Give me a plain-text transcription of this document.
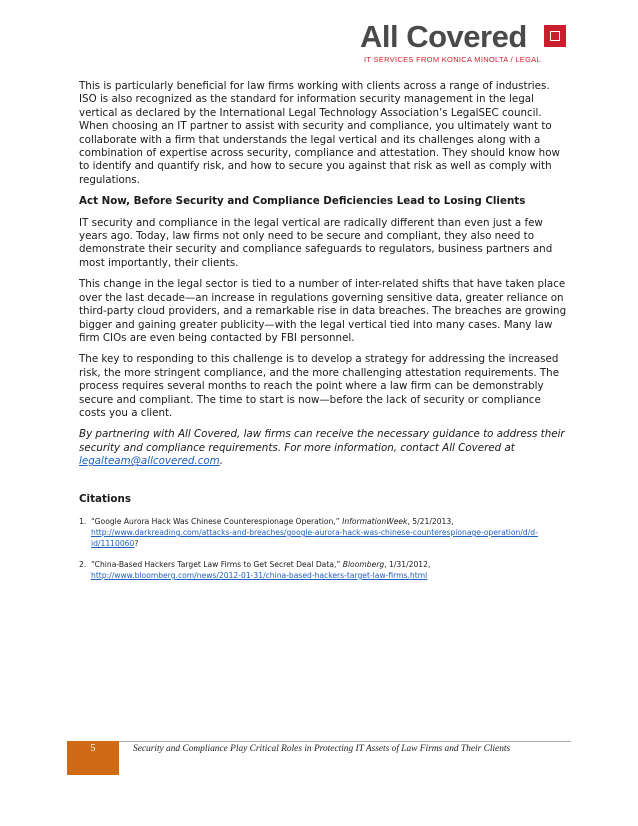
All Covered
IT SERVICES FROM KONICA MINOLTA / LEGAL

This is particularly beneficial for law firms working with clients across a range of industries. ISO is also recognized as the standard for information security management in the legal vertical as declared by the International Legal Technology Association’s LegalSEC council.

When choosing an IT partner to assist with security and compliance, you ultimately want to collaborate with a firm that understands the legal vertical and its challenges along with a combination of expertise across security, compliance and attestation. They should know how to identify and quantify risk, and how to secure you against that risk as well as comply with regulations.

Act Now, Before Security and Compliance Deficiencies Lead to Losing Clients

IT security and compliance in the legal vertical are radically different than even just a few years ago. Today, law firms not only need to be secure and compliant, they also need to demonstrate their security and compliance safeguards to regulators, business partners and most importantly, their clients.

This change in the legal sector is tied to a number of inter-related shifts that have taken place over the last decade—an increase in regulations governing sensitive data, greater reliance on third-party cloud providers, and a remarkable rise in data breaches. The breaches are growing bigger and gaining greater publicity—with the legal vertical tied into many cases. Many law firm CIOs are even being contacted by FBI personnel.

The key to responding to this challenge is to develop a strategy for addressing the increased risk, the more stringent compliance, and the more challenging attestation requirements. The process requires several months to reach the point where a law firm can be demonstrably secure and compliant. The time to start is now—before the lack of security or compliance costs you a client.

By partnering with All Covered, law firms can receive the necessary guidance to address their security and compliance requirements. For more information, contact All Covered at legalteam@allcovered.com.

Citations

1. “Google Aurora Hack Was Chinese Counterespionage Operation,” InformationWeek, 5/21/2013,
http://www.darkreading.com/attacks-and-breaches/google-aurora-hack-was-chinese-counterespionage-operation/d/d-id/1110060?
2. “China-Based Hackers Target Law Firms to Get Secret Deal Data,” Bloomberg, 1/31/2012,
http://www.bloomberg.com/news/2012-01-31/china-based-hackers-target-law-firms.html
5	Security and Compliance Play Critical Roles in Protecting IT Assets of Law Firms and Their Clients
